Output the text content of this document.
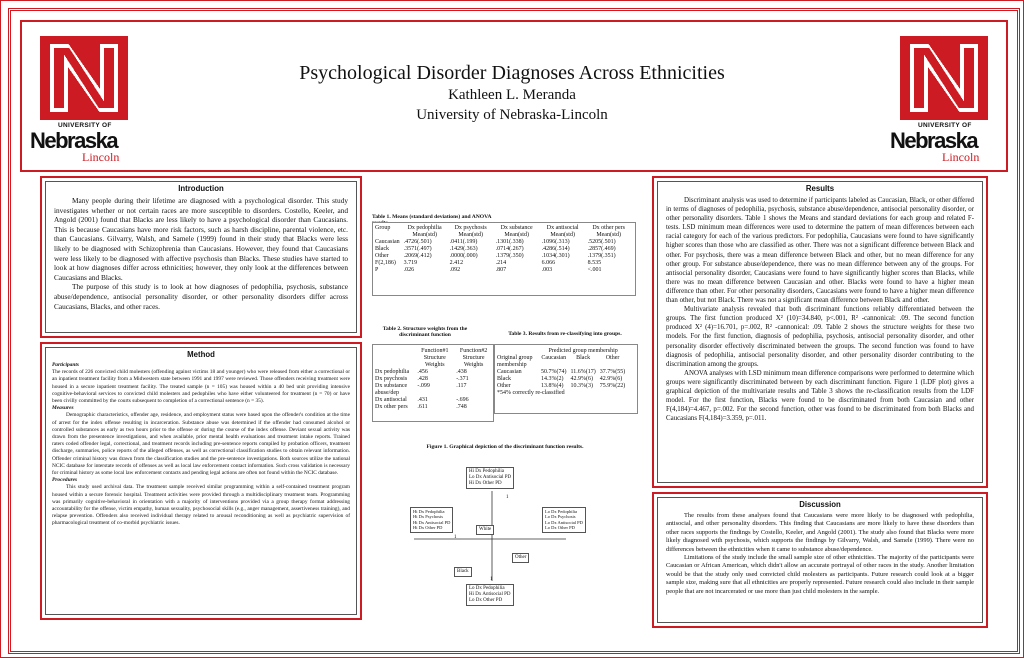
UNIVERSITY OF
Nebraska
Lincoln
UNIVERSITY OF
Nebraska
Lincoln
Psychological Disorder Diagnoses Across Ethnicities
Kathleen L. Meranda
University of Nebraska-Lincoln
Introduction

Many people during their lifetime are diagnosed with a psychological disorder. This study investigates whether or not certain races are more susceptible to disorders. Costello, Keeler, and Angold (2001) found that Blacks are less likely to have a psychological disorder than Caucasians. This is because Caucasians have more risk factors, such as harsh discipline, parental violence, etc. than Caucasians. Gilvarry, Walsh, and Samele (1999) found in their study that Blacks were less likely to be diagnosed with Schizophrenia than Caucasians. However, they found that Caucasians were less likely to be diagnosed with affective psychosis than Blacks. These studies have started to look at how diagnoses differ across ethnicities; however, they only look at the differences between Caucasians and Blacks.

The purpose of this study is to look at how diagnoses of pedophilia, psychosis, substance abuse/dependence, antisocial personality disorder, or other personality disorders differ across Caucasians, Blacks, and other races.

Method

Participants

The records of 226 convicted child molesters (offending against victims 18 and younger) who were released from either a correctional or an inpatient treatment facility from a Midwestern state between 1991 and 1997 were reviewed. Those offenders receiving treatment were housed in a secure inpatient treatment facility. The treated sample (n = 105) was housed within a 40 bed unit providing intensive cognitive-behavioral services to convicted child molesters and pedophiles who have either volunteered for treatment (n = 70) or have been civilly committed by the courts subsequent to completion of a correctional sentence (n = 35).

Measures

Demographic characteristics, offender age, residence, and employment status were based upon the offender's condition at the time of arrest for the index offense resulting in incarceration. Substance abuse was determined if the offender had consumed alcohol or controlled substances as early as two hours prior to the offense or during the course of the index offense. Deviant sexual activity was drawn from the presentence investigations, and when available, prior mental health evaluations and treatment intake reports. Trained raters coded offender legal, correctional, and treatment records including pre-sentence reports compiled by probation officers, treatment discharge, summaries, police reports of the alleged offenses, as well as correctional classification studies to obtain relevant information. Offender criminal history was drawn from the classification studies and the pre-sentence investigations. Both sources utilize the national NCIC database for interstate records of offenses as well as local law enforcement contact information. Such cross validation is necessary for criminal history as some local law enforcement contacts and pending legal actions are often not found within the NCIC database.

Procedures

This study used archival data. The treatment sample received similar programming within a self-contained treatment program housed within a secure forensic hospital. Treatment activities were provided through a multidisciplinary treatment team. Programming was primarily cognitive-behavioral in orientation with a majority of interventions provided via a group therapy format addressing accountability for the offense, victim empathy, human sexuality, psychosocial skills (e.g., anger management, assertiveness training), and relapse prevention. Offenders also received individual therapy related to arousal reconditioning as well as psychiatric supervision of pharmacological treatment of co-morbid psychiatric issues.

Table 1. Means (standard deviations) and ANOVA
Group	Dx pedophilia Mean(std)	Dx psychosis Mean(std)	Dx substance Mean(std)	Dx antisocial Mean(std)	Dx other pers Mean(std)
Caucasian	.4726(.501)	.0411(.199)	.1301(.338)	.1096(.313)	.5205(.501)
Black	.3571(.497)	.1429(.363)	.0714(.267)	.4286(.514)	.2857(.469)
Other	.2069(.412)	.0000(.000)	.1379(.350)	.1034(.301)	.1379(.351)
F(2,186)	3.719	2.412	.214	6.066	8.535
P	.026	.092	.807	.003	<.001
Table 2. Structure weights from the discriminant function
	Function#1 Structure Weights	Function#2 Structure Weights
Dx pedophilia	.456	.438
Dx psychosis	.428	-.371
Dx substance abuse/dep	-.099	.117
Dx antisocial	.431	-.696
Dx other pers	.611	.748
Table 3. Results from re-classifying into groups.
	Predicted group membership		
Original group membership	Caucasian	Black	Other
Caucasian	50.7%(74)	11.6%(17)	37.7%(55)
Black	14.3%(2)	42.9%(6)	42.9%(6)
Other	13.8%(4)	10.3%(3)	75.9%(22)
*54% correctly re-classified			
Figure 1. Graphical depiction of the discriminant function results.
Hi Dx Pedophilia
Lo Dx Antisocial PD
Hi Dx Other PD
Hi Dx Pedophilia
Hi Dx Psychosis
Hi Dx Antisocial PD
Hi Dx Other PD
Lo Dx Pedophilia
Lo Dx Psychosis
Lo Dx Antisocial PD
Lo Dx Other PD
White
Other
Black
1
1
1
Lo Dx Pedophilia
Hi Dx Antisocial PD
Lo Dx Other PD
Results

Discriminant analysis was used to determine if participants labeled as Caucasian, Black, or other differed in terms of diagnoses of pedophilia, psychosis, substance abuse/dependence, antisocial personality disorder, or other personality disorders. Table 1 shows the Means and standard deviations for each group and related F-tests. LSD minimum mean differences were used to determine the pattern of mean differences between each racial category for each of the various predictors. For pedophilia, Caucasians were found to have significantly higher scores than those who are classified as other. There was not a significant difference between Black and other. For psychosis, there was a mean difference between Black and other, but no mean difference for any other group. For substance abuse/dependence, there was no mean difference between any of the groups. For antisocial personality disorder, Caucasians were found to have significantly higher scores than Blacks, while there was no mean difference between Caucasian and other. Blacks were found to have a higher mean difference than other. For other personality disorders, Caucasians were found to have a higher mean difference than other, but not Black. There was not a significant mean difference between Black and other.

Multivariate analysis revealed that both discriminant functions reliably differentiated between the groups. The first function produced X² (10)=34.840, p<.001, R² -cannonical: .09. The second function produced X² (4)=16.701, p=.002, R² -cannonical: .09. Table 2 shows the structure weights for these two models. For the first function, diagnosis of pedophilia, psychosis, antisocial personality disorder, and other personality disorder effectively discriminated between the groups. The second function was found to have diagnosis of pedophilia, antisocial personality disorder, and other personality disorder contributing to the discrimination among the groups.

ANOVA analyses with LSD minimum mean difference comparisons were performed to determine which groups were significantly discriminated between by each discriminant function. Figure 1 (LDF plot) gives a graphical depiction of the multivariate results and Table 3 shows the re-classification results from the LDF model. For the first function, Blacks were found to be discriminated from both Caucasian and other F(4,184)=4.467, p=.002. For the second function, other was found to be discriminated from both Blacks and Caucasians F(4,184)=3.359, p=.011.

Discussion

The results from these analyses found that Caucasians were more likely to be diagnosed with pedophilia, antisocial, and other personality disorders. This finding that Caucasians are more likely to have these disorders than other races supports the findings by Costello, Keeler, and Angold (2001). The study also found that Blacks were more likely diagnosed with psychosis, which supports the findings by Gilvarry, Walsh, and Samele (1999). There were no differences between the ethnicities when it came to substance abuse/dependence.

Limitations of the study include the small sample size of other ethnicities. The majority of the participants were Caucasian or African American, which didn't allow an accurate portrayal of other races in the study. Another limitation would be that the study only used convicted child molesters as participants. Future research could look at a bigger sample size, making sure that all ethnicities are properly represented. Future research could also include in their sample people that are not incarcerated or use more than just child molesters in the sample.
